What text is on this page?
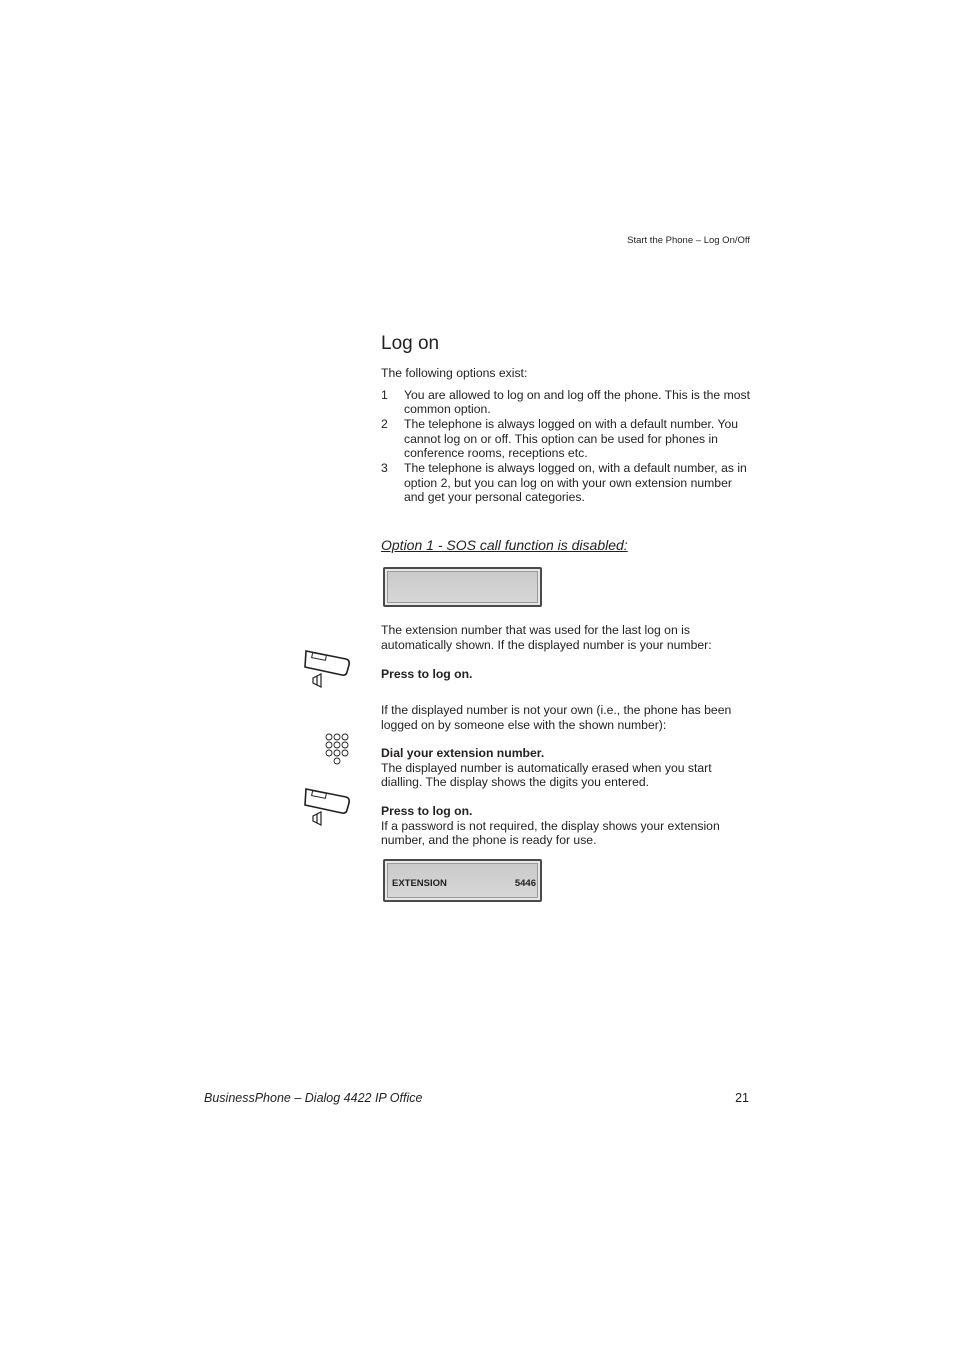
Start the Phone – Log On/Off
Log on
The following options exist:
1 You are allowed to log on and log off the phone. This is the most common option.
2 The telephone is always logged on with a default number. You cannot log on or off. This option can be used for phones in conference rooms, receptions etc.
3 The telephone is always logged on, with a default number, as in option 2, but you can log on with your own extension number and get your personal categories.
Option 1 - SOS call function is disabled:
The extension number that was used for the last log on is automatically shown. If the displayed number is your number:
Press to log on.
If the displayed number is not your own (i.e., the phone has been logged on by someone else with the shown number):
Dial your extension number.
The displayed number is automatically erased when you start dialling. The display shows the digits you entered.
Press to log on.
If a password is not required, the display shows your extension number, and the phone is ready for use.
EXTENSION	5446
BusinessPhone – Dialog 4422 IP Office	21
